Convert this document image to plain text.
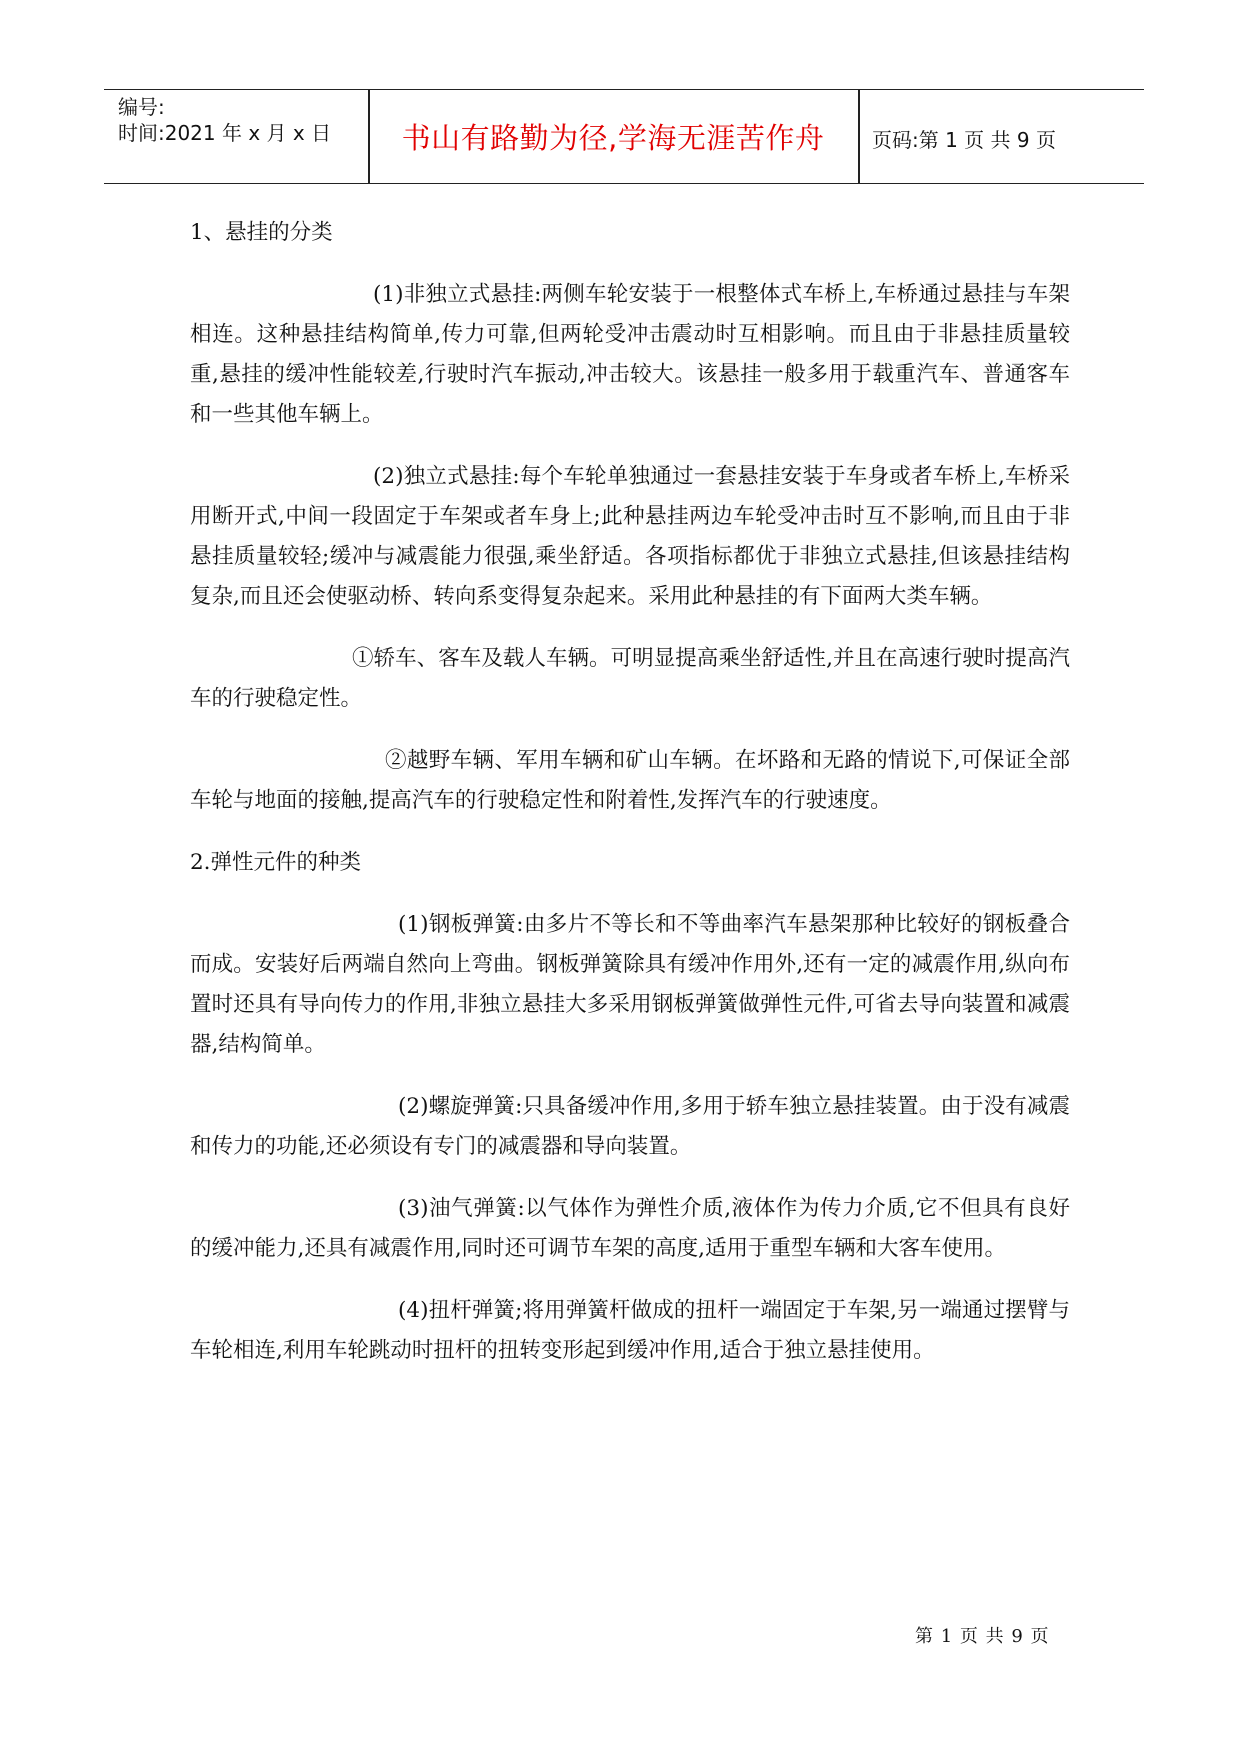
编号:
时间:2021 年 x 月 x 日	书山有路勤为径,学海无涯苦作舟	页码:第 1 页 共 9 页

1、悬挂的分类

(1)非独立式悬挂:两侧车轮安装于一根整体式车桥上,车桥通过悬挂与车架相连。这种悬挂结构简单,传力可靠,但两轮受冲击震动时互相影响。而且由于非悬挂质量较重,悬挂的缓冲性能较差,行驶时汽车振动,冲击较大。该悬挂一般多用于载重汽车、普通客车和一些其他车辆上。

(2)独立式悬挂:每个车轮单独通过一套悬挂安装于车身或者车桥上,车桥采用断开式,中间一段固定于车架或者车身上;此种悬挂两边车轮受冲击时互不影响,而且由于非悬挂质量较轻;缓冲与减震能力很强,乘坐舒适。各项指标都优于非独立式悬挂,但该悬挂结构复杂,而且还会使驱动桥、转向系变得复杂起来。采用此种悬挂的有下面两大类车辆。

①轿车、客车及载人车辆。可明显提高乘坐舒适性,并且在高速行驶时提高汽车的行驶稳定性。

②越野车辆、军用车辆和矿山车辆。在坏路和无路的情说下,可保证全部车轮与地面的接触,提高汽车的行驶稳定性和附着性,发挥汽车的行驶速度。

2.弹性元件的种类

(1)钢板弹簧:由多片不等长和不等曲率汽车悬架那种比较好的钢板叠合而成。安装好后两端自然向上弯曲。钢板弹簧除具有缓冲作用外,还有一定的减震作用,纵向布置时还具有导向传力的作用,非独立悬挂大多采用钢板弹簧做弹性元件,可省去导向装置和减震器,结构简单。

(2)螺旋弹簧:只具备缓冲作用,多用于轿车独立悬挂装置。由于没有减震和传力的功能,还必须设有专门的减震器和导向装置。

(3)油气弹簧:以气体作为弹性介质,液体作为传力介质,它不但具有良好的缓冲能力,还具有减震作用,同时还可调节车架的高度,适用于重型车辆和大客车使用。

(4)扭杆弹簧;将用弹簧杆做成的扭杆一端固定于车架,另一端通过摆臂与车轮相连,利用车轮跳动时扭杆的扭转变形起到缓冲作用,适合于独立悬挂使用。

第 1 页 共 9 页
